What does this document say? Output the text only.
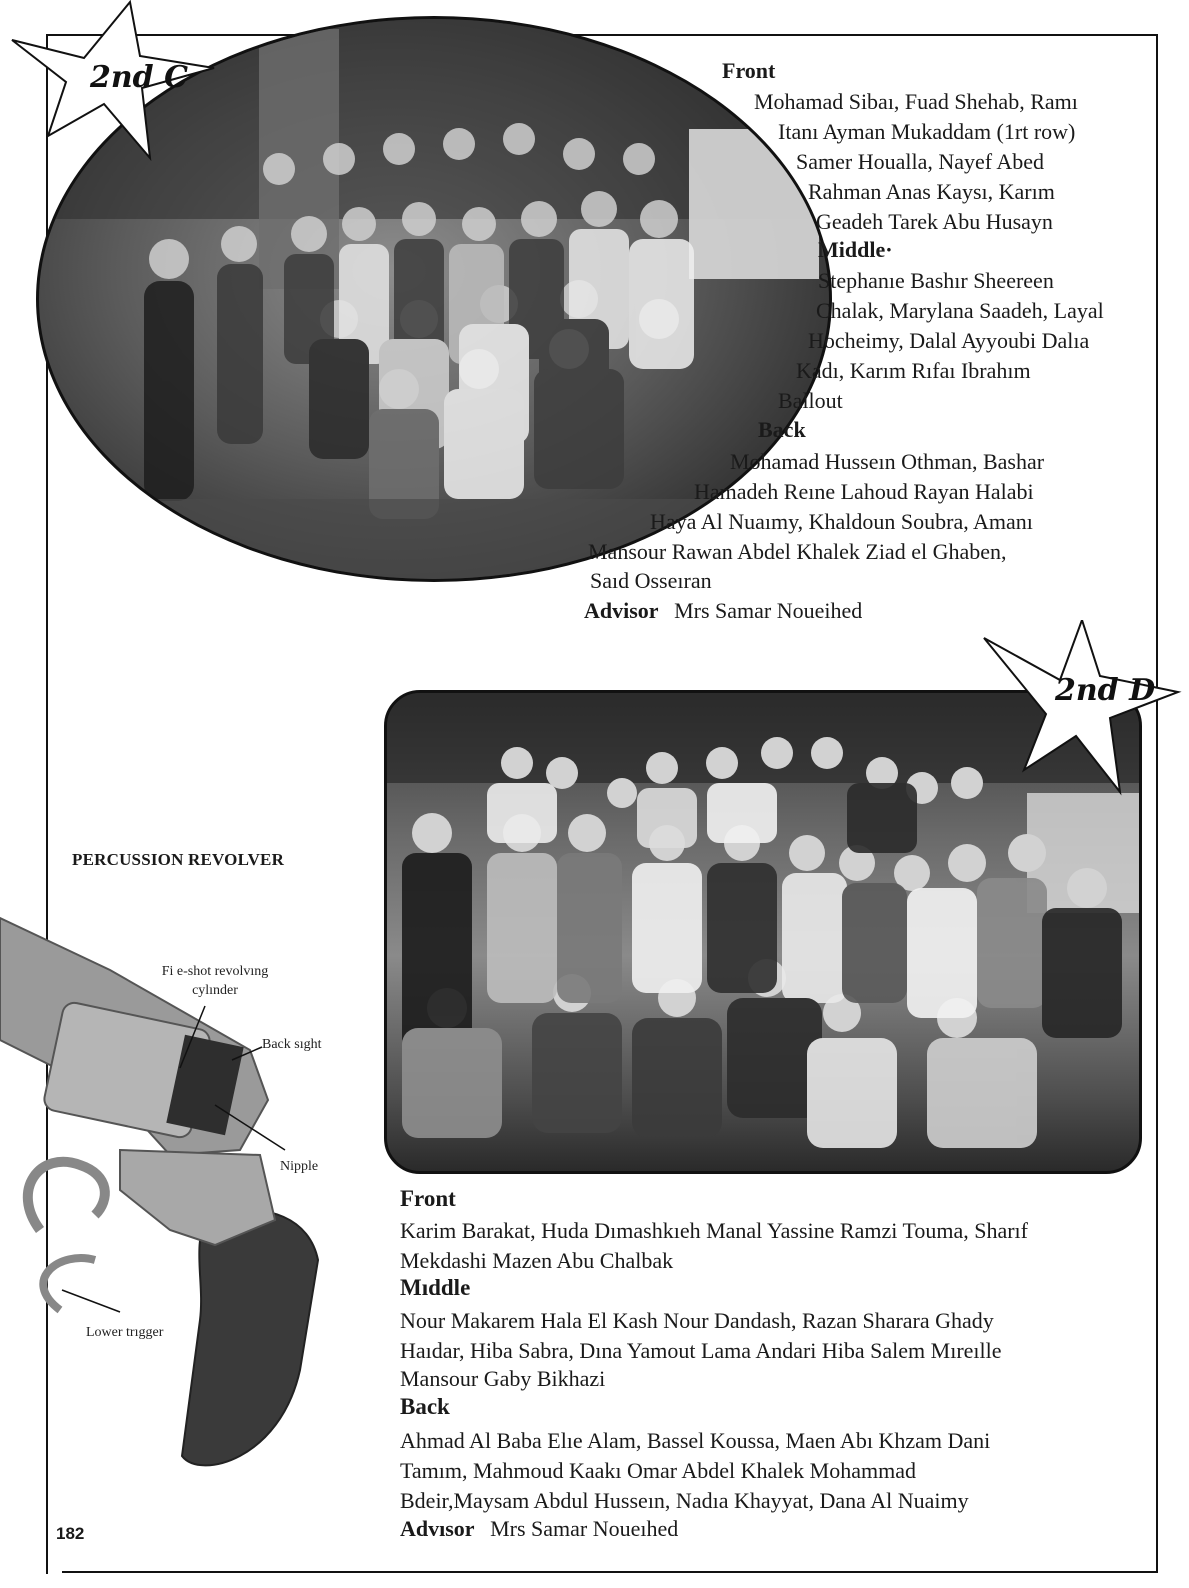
2nd C	Front
Mohamad Sibaı, Fuad Shehab, Ramı
Itanı Ayman Mukaddam (1rt row)
Samer Houalla, Nayef Abed
Rahman Anas Kaysı, Karım
Geadeh Tarek Abu Husayn
Middle·
Stephanıe Bashır Sheereen
Chalak, Marylana Saadeh, Layal
Hocheimy, Dalal Ayyoubi Dalıa
Kadı, Karım Rıfaı Ibrahım
Ballout
Back
Mohamad Husseın Othman, Bashar
Hamadeh Reıne Lahoud Rayan Halabi
Haya Al Nuaımy, Khaldoun Soubra, Amanı
Mansour Rawan Abdel Khalek Ziad el Ghaben,
Saıd Osseıran
Advisor Mrs Samar Noueihed
2nd D
Front
Karim Barakat, Huda Dımashkıeh Manal Yassine Ramzi Touma, Sharıf
Mekdashi Mazen Abu Chalbak
Mıddle
Nour Makarem Hala El Kash Nour Dandash, Razan Sharara Ghady
Haıdar, Hiba Sabra, Dına Yamout Lama Andari Hiba Salem Mıreılle
Mansour Gaby Bikhazi
Back
Ahmad Al Baba Elıe Alam, Bassel Koussa, Maen Abı Khzam Dani
Tamım, Mahmoud Kaakı Omar Abdel Khalek Mohammad
Bdeir,Maysam Abdul Husseın, Nadıa Khayyat, Dana Al Nuaimy
Advısor Mrs Samar Noueıhed
PERCUSSION REVOLVER
Fi e-shot revolvıng cylınder
Back sıght
Nipple
Lower trıgger
182
